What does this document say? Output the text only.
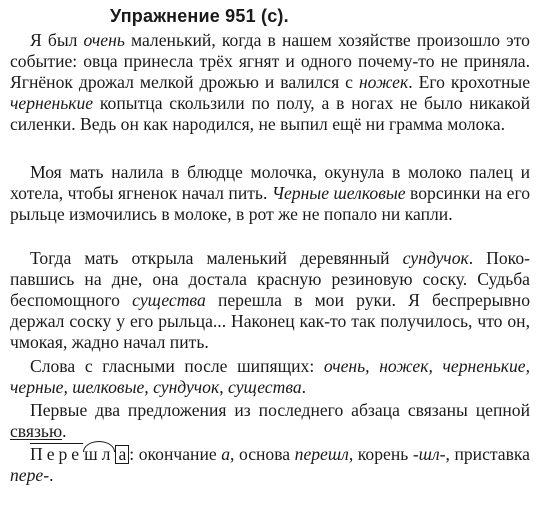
Упражнение 951 (с).

Я был очень маленький, когда в нашем хозяйстве произошло это событие: овца принесла трёх ягнят и одного почему-то не приняла. Ягнёнок дрожал мелкой дрожью и валился с ножек. Его крохотные черненькие копытца скользили по полу, а в ногах не было никакой силенки. Ведь он как народился, не выпил ещё ни грамма молока.

Моя мать налила в блюдце молочка, окунула в молоко палец и хотела, чтобы ягненок начал пить. Черные шелковые ворсинки на его рыльце измочились в молоке, в рот же не попало ни капли.

Тогда мать открыла маленький деревянный сундучок. Покопавшись на дне, она достала красную резиновую соску. Судьба беспомощного существа перешла в мои руки. Я беспрерывно держал соску у его рыльца... Наконец как-то так получилось, что он, чмокая, жадно начал пить.

Слова с гласными после шипящих: очень, ножек, черненькие, черные, шелковые, сундучок, существа.

Первые два предложения из последнего абзаца связаны цепной связью.

Перешл а : окончание а, основа перешл, корень -шл-, приставка пере-.
